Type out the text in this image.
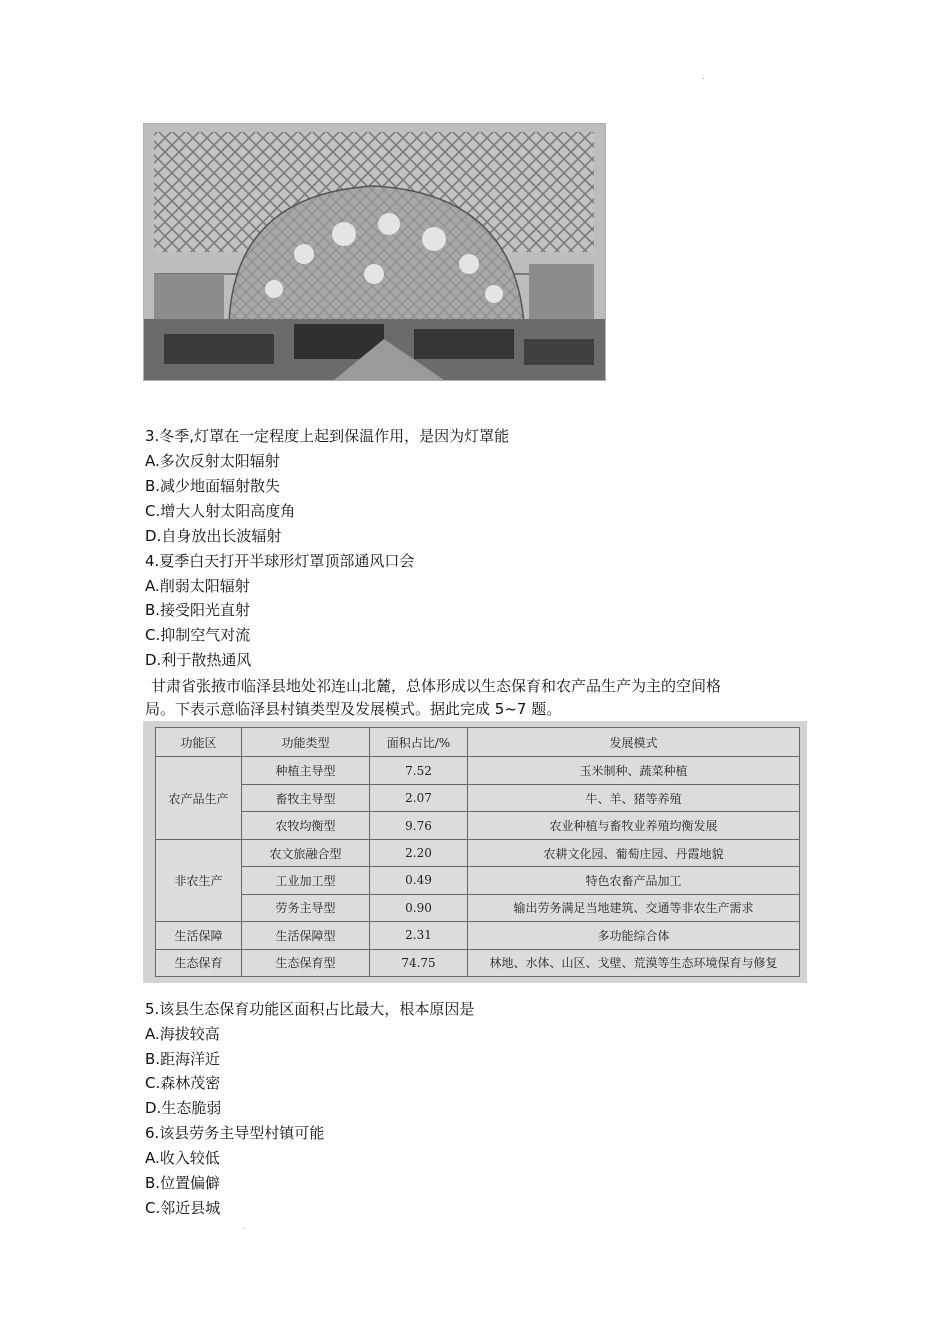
.
3.冬季,灯罩在一定程度上起到保温作用，是因为灯罩能
A.多次反射太阳辐射
B.减少地面辐射散失
C.增大人射太阳高度角
D.自身放出长波辐射
4.夏季白天打开半球形灯罩顶部通风口会
A.削弱太阳辐射
B.接受阳光直射
C.抑制空气对流
D.利于散热通风
甘肃省张掖市临泽县地处祁连山北麓，总体形成以生态保育和农产品生产为主的空间格
局。下表示意临泽县村镇类型及发展模式。据此完成 5~7 题。
功能区	功能类型	面积占比/%	发展模式
农产品生产	种植主导型	7.52	玉米制种、蔬菜种植
	畜牧主导型	2.07	牛、羊、猪等养殖
	农牧均衡型	9.76	农业种植与畜牧业养殖均衡发展
非农生产	农文旅融合型	2.20	农耕文化园、葡萄庄园、丹霞地貌
	工业加工型	0.49	特色农畜产品加工
	劳务主导型	0.90	输出劳务满足当地建筑、交通等非农生产需求
生活保障	生活保障型	2.31	多功能综合体
生态保育	生态保育型	74.75	林地、水体、山区、戈壁、荒漠等生态环境保育与修复
5.该县生态保育功能区面积占比最大，根本原因是
A.海拔较高
B.距海洋近
C.森林茂密
D.生态脆弱
6.该县劳务主导型村镇可能
A.收入较低
B.位置偏僻
C.邻近县城
.
